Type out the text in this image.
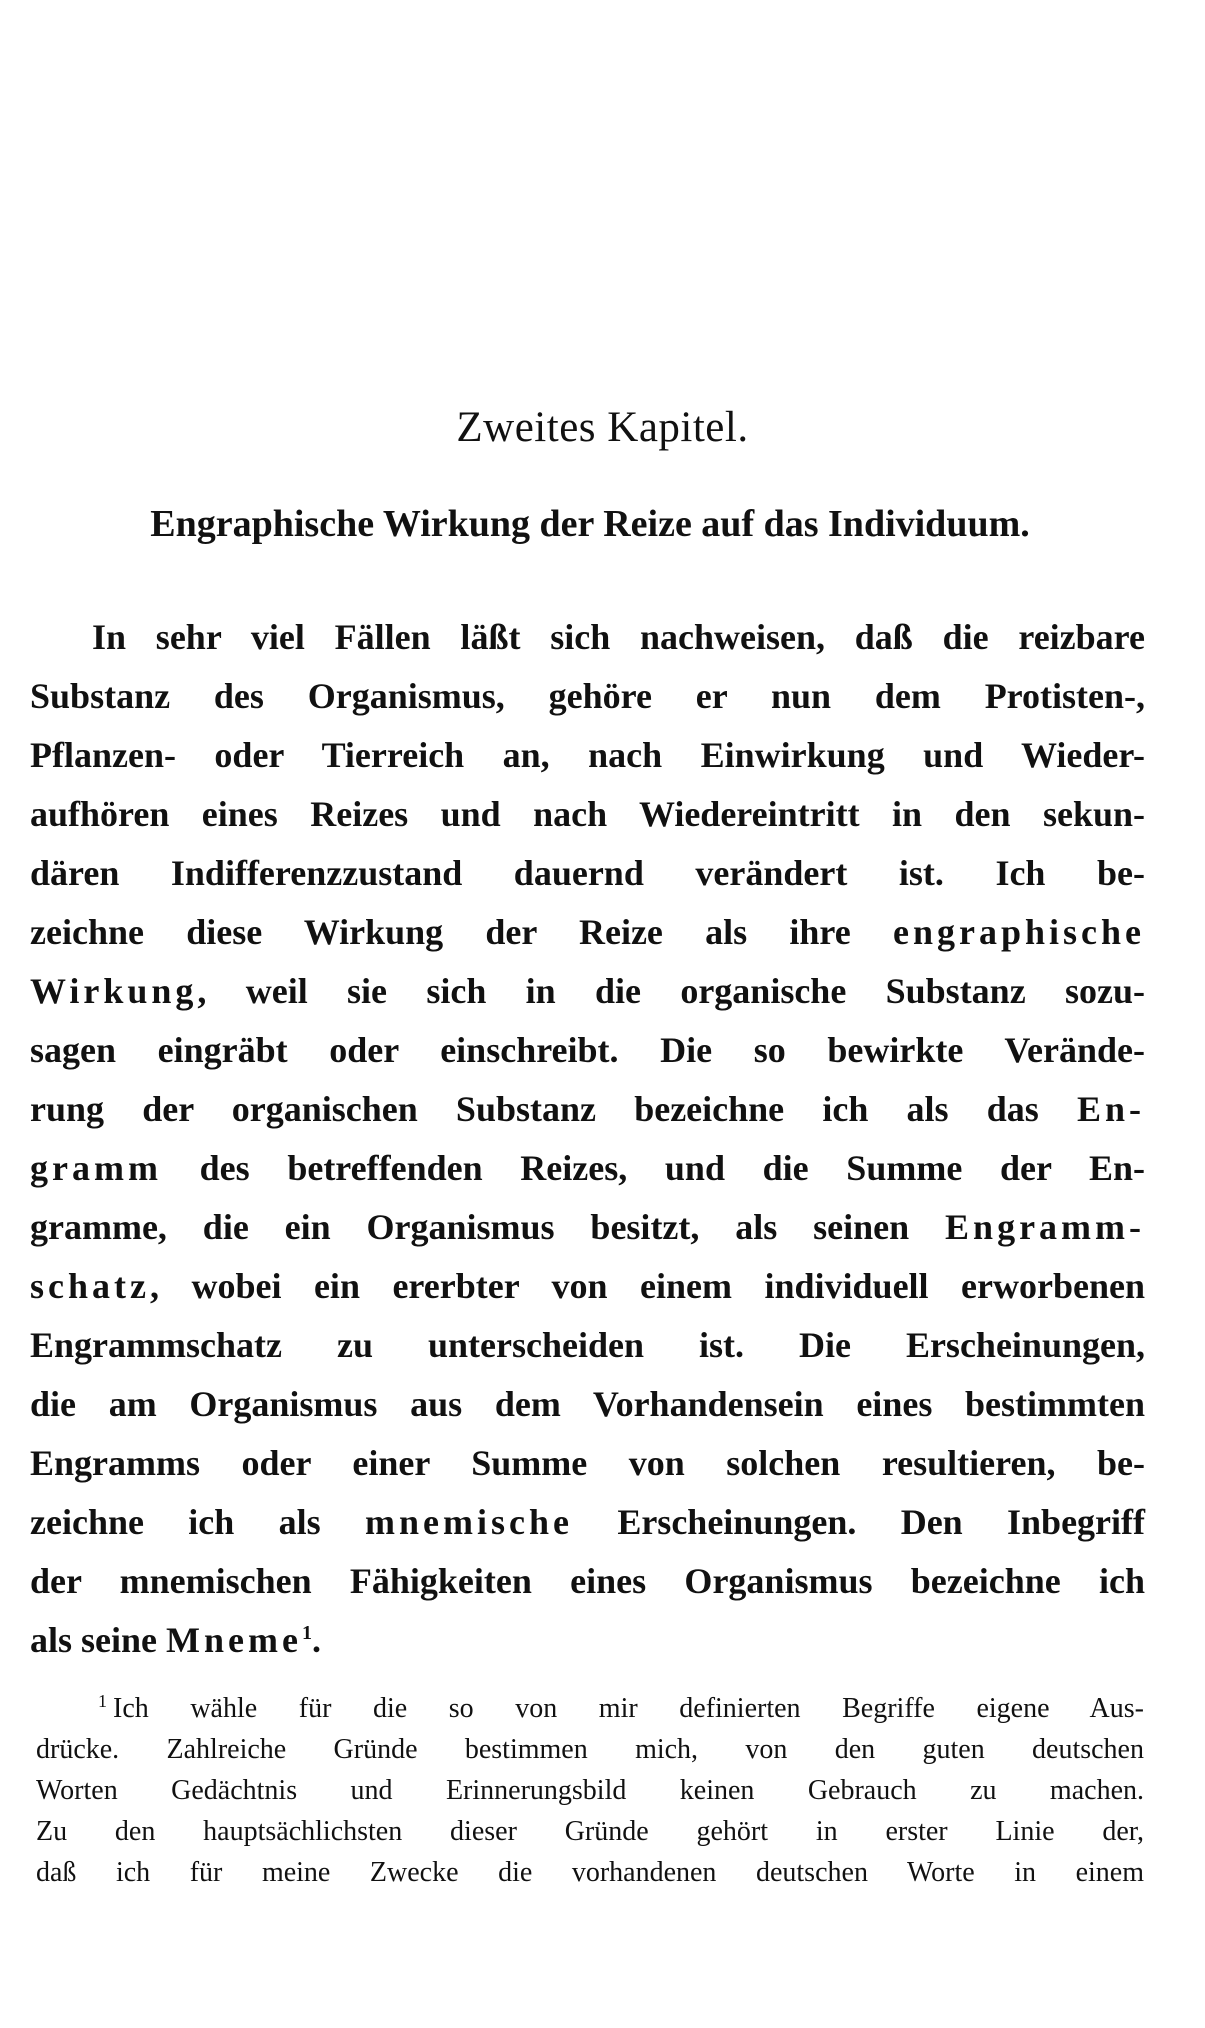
Zweites Kapitel.
Engraphische Wirkung der Reize auf das Individuum.
In sehr viel Fällen läßt sich nachweisen, daß die reizbare
Substanz des Organismus, gehöre er nun dem Protisten-,
Pflanzen- oder Tierreich an, nach Einwirkung und Wieder-
aufhören eines Reizes und nach Wiedereintritt in den sekun-
dären Indifferenzzustand dauernd verändert ist. Ich be-
zeichne diese Wirkung der Reize als ihre engraphische
Wirkung, weil sie sich in die organische Substanz sozu-
sagen eingräbt oder einschreibt. Die so bewirkte Verände-
rung der organischen Substanz bezeichne ich als das En-
gramm des betreffenden Reizes, und die Summe der En-
gramme, die ein Organismus besitzt, als seinen Engramm-
schatz, wobei ein ererbter von einem individuell erworbenen
Engrammschatz zu unterscheiden ist. Die Erscheinungen,
die am Organismus aus dem Vorhandensein eines bestimmten
Engramms oder einer Summe von solchen resultieren, be-
zeichne ich als mnemische Erscheinungen. Den Inbegriff
der mnemischen Fähigkeiten eines Organismus bezeichne ich
als seine Mneme$^1$.
$^1$ Ich wähle für die so von mir definierten Begriffe eigene Aus-
drücke. Zahlreiche Gründe bestimmen mich, von den guten deutschen
Worten Gedächtnis und Erinnerungsbild keinen Gebrauch zu machen.
Zu den hauptsächlichsten dieser Gründe gehört in erster Linie der,
daß ich für meine Zwecke die vorhandenen deutschen Worte in einem
